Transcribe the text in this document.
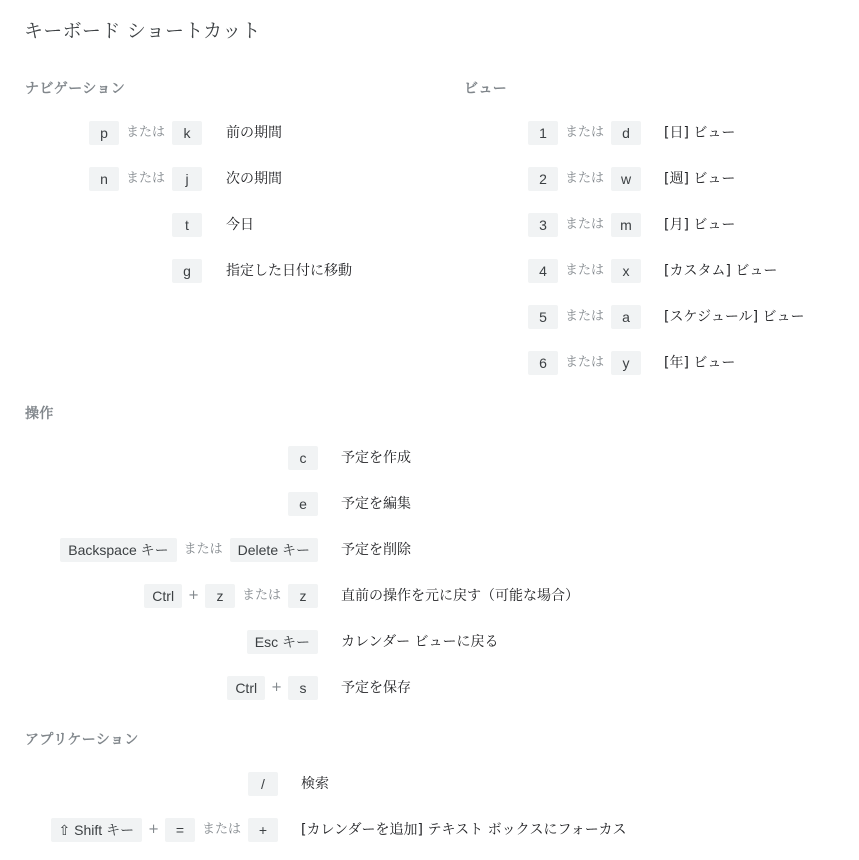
キーボード ショートカット
ナビゲーション
p	または	k	前の期間
n	または	j	次の期間
t	今日
g	指定した日付に移動
ビュー
1	または	d	[日] ビュー
2	または	w	[週] ビュー
3	または	m	[月] ビュー
4	または	x	[カスタム] ビュー
5	または	a	[スケジュール] ビュー
6	または	y	[年] ビュー
操作
c	予定を作成
e	予定を編集
Backspace キー	または	Delete キー	予定を削除
Ctrl	+	z	または	z	直前の操作を元に戻す（可能な場合）
Esc キー	カレンダー ビューに戻る
Ctrl	+	s	予定を保存
アプリケーション
/	検索
⇧ Shift キー	+	=	または	+	[カレンダーを追加] テキスト ボックスにフォーカス
